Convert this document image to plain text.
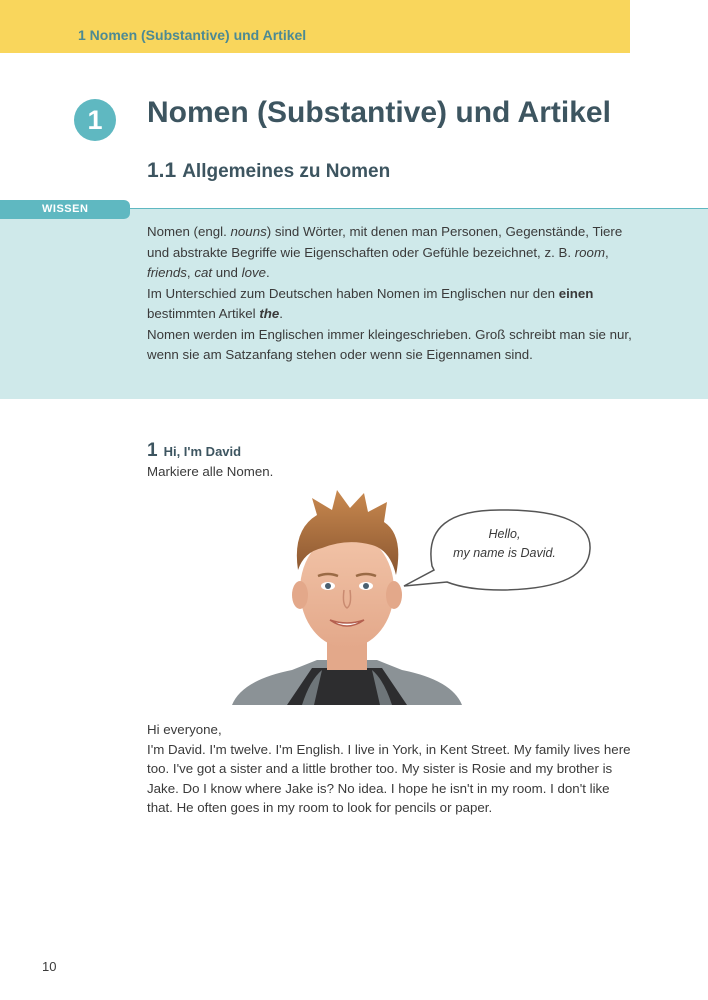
1 Nomen (Substantive) und Artikel
1	Nomen (Substantive) und Artikel
1.1 Allgemeines zu Nomen
WISSEN

Nomen (engl. nouns) sind Wörter, mit denen man Personen, Gegenstände, Tiere und abstrakte Begriffe wie Eigenschaften oder Gefühle bezeichnet, z. B. room, friends, cat und love.

Im Unterschied zum Deutschen haben Nomen im Englischen nur den einen bestimmten Artikel the.

Nomen werden im Englischen immer kleingeschrieben. Groß schreibt man sie nur, wenn sie am Satzanfang stehen oder wenn sie Eigennamen sind.

1 Hi, I'm David
Markiere alle Nomen.
Hello,
my name is David.

Hi everyone,

I'm David. I'm twelve. I'm English. I live in York, in Kent Street. My family lives here too. I've got a sister and a little brother too. My sister is Rosie and my brother is Jake. Do I know where Jake is? No idea. I hope he isn't in my room. I don't like that. He often goes in my room to look for pencils or paper.

10
